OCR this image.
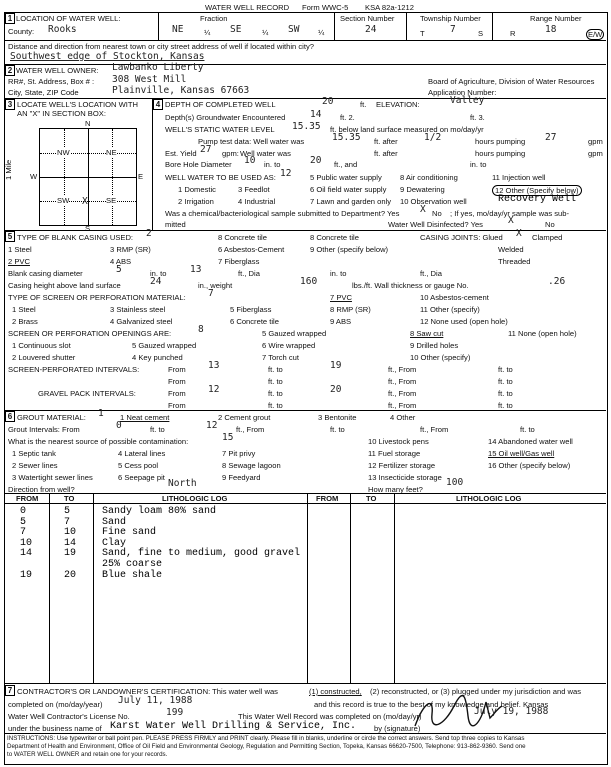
WATER WELL RECORD Form WWC-5 KSA 82a-1212
1 LOCATION OF WATER WELL:
County: Rooks
Fraction
NE	¼ SE	¼ SW ¼
Section Number
24
Township Number
T	7	S
Range Number
R	18	E/W
Distance and direction from nearest town or city street address of well if located within city?
Southwest edge of Stockton, Kansas
2 WATER WELL OWNER: Lawbanko Liberty
RR#, St. Address, Box # : 308 West Mill
City, State, ZIP Code	Plainville, Kansas 67663
Board of Agriculture, Division of Water Resources
Application Number:
3 LOCATE WELL'S LOCATION WITH
AN "X" IN SECTION BOX:
NW	NE
SW	SE
X
N
S
W	E
1 Mile
4 DEPTH OF COMPLETED WELL	20	ft. ELEVATION:	Valley
Depth(s) Groundwater Encountered	14 ft. 2.	ft. 3.
WELL'S STATIC WATER LEVEL 15.35 ft. below land surface measured on mo/day/yr
Pump test data: Well water was	15.35 ft. after	1/2	hours pumping 27	gpm
Est. Yield 27 gpm: Well water was	ft. after	hours pumping	gpm
Bore Hole Diameter 10 in. to	20 ft., and	in. to
WELL WATER TO BE USED AS: 12 5 Public water supply 8 Air conditioning	11 Injection well
1 Domestic	3 Feedlot	6 Oil field water supply 9 Dewatering	12 Other (Specify below)
2 Irrigation	4 Industrial	7 Lawn and garden only 10 Observation well	Recovery Well
Was a chemical/bacteriological sample submitted to Department? Yes X No ; If yes, mo/day/yr sample was sub-
mitted	Water Well Disinfected? Yes	X	No
5 TYPE OF BLANK CASING USED: 2	8 Concrete tile	8 Concrete tile	CASING JOINTS: Glued X Clamped
1 Steel	3 RMP (SR)	6 Asbestos-Cement	9 Other (specify below)	Welded
2 PVC	4 ABS	7 Fiberglass	Threaded
Blank casing diameter	5	in. to 13	ft., Dia	in. to	ft., Dia
Casing height above land surface	24	in., weight	160	lbs./ft. Wall thickness or gauge No.	.26
TYPE OF SCREEN OR PERFORATION MATERIAL: 7	7 PVC	10 Asbestos-cement
1 Steel	3 Stainless steel	5 Fiberglass	8 RMP (SR)	11 Other (specify)
2 Brass	4 Galvanized steel	6 Concrete tile	9 ABS	12 None used (open hole)
SCREEN OR PERFORATION OPENINGS ARE:	8
1 Continuous slot	5 Gauzed wrapped
5 Gauzed wrapped	8 Saw cut	11 None (open hole)
6 Wire wrapped	9 Drilled holes
2 Louvered shutter	4 Key punched	7 Torch cut	10 Other (specify)
SCREEN-PERFORATED INTERVALS:	From 13	ft. to	19	ft., From	ft. to
From	ft. to	ft., From	ft. to
GRAVEL PACK INTERVALS:	From 12	ft. to	20	ft., From	ft. to
From	ft. to	ft., From	ft. to
6 GROUT MATERIAL: 1 1 Neat cement	2 Cement grout	3 Bentonite	4 Other
Grout Intervals: From	0	ft. to	12 ft., From	ft. to	ft., From	ft. to
What is the nearest source of possible contamination:	15	10 Livestock pens	14 Abandoned water well
1 Septic tank	4 Lateral lines	7 Pit privy	11 Fuel storage	15 Oil well/Gas well
2 Sewer lines	5 Cess pool	8 Sewage lagoon	12 Fertilizer storage	16 Other (specify below)
3 Watertight sewer lines	6 Seepage pit	9 Feedyard	13 Insecticide storage
Direction from well?
North
How many feet?
100
FROM	TO	LITHOLOGIC LOG	FROM	TO	LITHOLOGIC LOG
0	5	Sandy loam 80% sand
5	7	Sand
7	10	Fine sand
10	14	Clay
14	19	Sand, fine to medium, good gravel
25% coarse
19	20	Blue shale
7 CONTRACTOR'S OR LANDOWNER'S CERTIFICATION: This water well was	(1) constructed, (2) reconstructed, or (3) plugged under my jurisdiction and was
completed on (mo/day/year) July 11, 1988	and this record is true to the best of my knowledge and belief. Kansas
Water Well Contractor's License No.	199	This Water Well Record was completed on (mo/day/yr)	July 19, 1988
under the business name of Karst Water Well Drilling & Service, Inc. by (signature)
INSTRUCTIONS: Use typewriter or ball point pen. PLEASE PRESS FIRMLY and PRINT clearly. Please fill in blanks, underline or circle the correct answers. Send top three copies to Kansas
Department of Health and Environment, Office of Oil Field and Environmental Geology, Regulation and Permitting Section, Topeka, Kansas 66620-7500, Telephone: 913-862-9360. Send one
to WATER WELL OWNER and retain one for your records.
